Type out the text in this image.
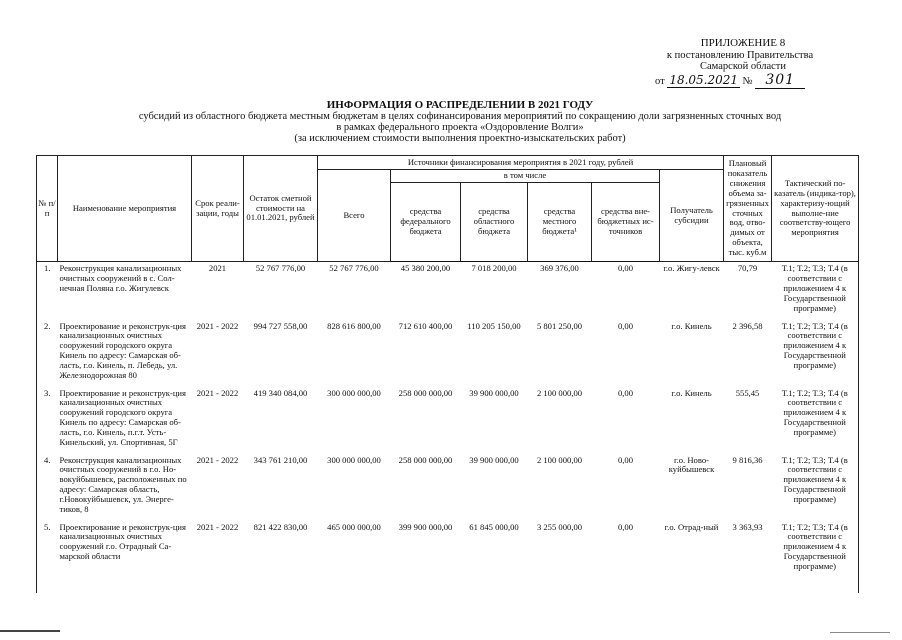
ПРИЛОЖЕНИЕ 8
к постановлению Правительства
Самарской области
от 18.05.2021 № 301
ИНФОРМАЦИЯ О РАСПРЕДЕЛЕНИИ В 2021 ГОДУ
субсидий из областного бюджета местным бюджетам в целях софинансирования мероприятий по сокращению доли загрязненных сточных вод
в рамках федерального проекта «Оздоровление Волги»
(за исключением стоимости выполнения проектно-изыскательских работ)
№ п/п	Наименование мероприятия	Срок реали-зации, годы	Остаток сметной стоимости на 01.01.2021, рублей	Источники финансирования мероприятия в 2021 году, рублей						Плановый показатель снижения объема за-грязненных сточных вод, отво-димых от объекта, тыс. куб.м	Тактический по-казатель (индика-тор), характеризу-ющий выполне-ние соответству-ющего мероприятия
				Всего	в том числе				Получатель субсидии		
					средства федерального бюджета	средства областного бюджета	средства местного бюджета¹	средства вне-бюджетных ис-точников			
1.	Реконструкция канализационных очистных сооружений в с. Сол-нечная Поляна г.о. Жигулевск	2021	52 767 776,00	52 767 776,00	45 380 200,00	7 018 200,00	369 376,00	0,00	г.о. Жигу-левск	70,79	Т.1; Т.2; Т.3; Т.4 (в соответствии с приложением 4 к Государственной программе)
2.	Проектирование и реконструк-ция канализационных очистных сооружений городского округа Кинель по адресу: Самарская об-ласть, г.о. Кинель, п. Лебедь, ул. Железнодорожная 80	2021 - 2022	994 727 558,00	828 616 800,00	712 610 400,00	110 205 150,00	5 801 250,00	0,00	г.о. Кинель	2 396,58	Т.1; Т.2; Т.3; Т.4 (в соответствии с приложением 4 к Государственной программе)
3.	Проектирование и реконструк-ция канализационных очистных сооружений городского округа Кинель по адресу: Самарская об-ласть, г.о. Кинель, п.г.т. Усть-Кинельский, ул. Спортивная, 5Г	2021 - 2022	419 340 084,00	300 000 000,00	258 000 000,00	39 900 000,00	2 100 000,00	0,00	г.о. Кинель	555,45	Т.1; Т.2; Т.3; Т.4 (в соответствии с приложением 4 к Государственной программе)
4.	Реконструкция канализационных очистных сооружений в г.о. Но-вокуйбышевск, расположенных по адресу: Самарская область, г.Новокуйбышевск, ул. Энерге-тиков, 8	2021 - 2022	343 761 210,00	300 000 000,00	258 000 000,00	39 900 000,00	2 100 000,00	0,00	г.о. Ново-куйбышевск	9 816,36	Т.1; Т.2; Т.3; Т.4 (в соответствии с приложением 4 к Государственной программе)
5.	Проектирование и реконструк-ция канализационных очистных сооружений г.о. Отрадный Са-марской области	2021 - 2022	821 422 830,00	465 000 000,00	399 900 000,00	61 845 000,00	3 255 000,00	0,00	г.о. Отрад-ный	3 363,93	Т.1; Т.2; Т.3; Т.4 (в соответствии с приложением 4 к Государственной программе)
